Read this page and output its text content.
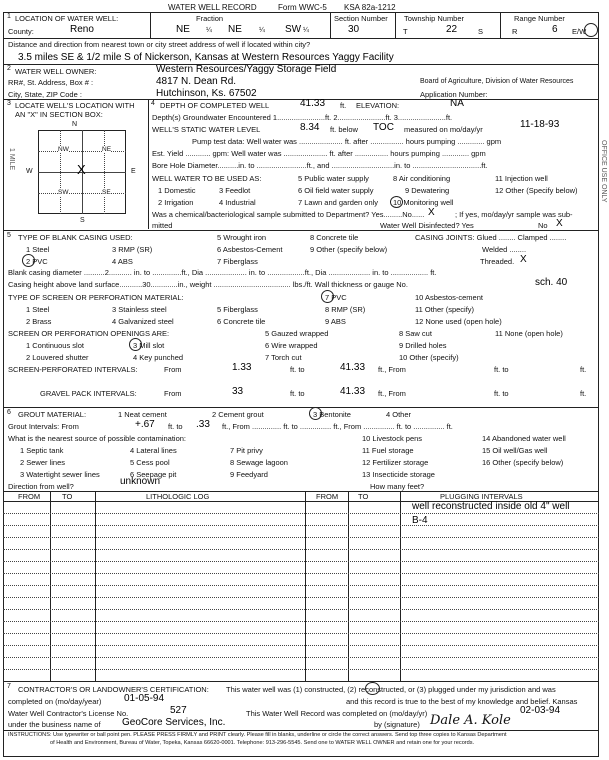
WATER WELL RECORD	Form WWC-5 KSA 82a-1212
1 LOCATION OF WATER WELL:
County:	Reno
Fraction
NE ¼ NE ¼ SW ¼
Section Number
30
Township Number
T	22	S
Range Number
R	6 E/W
Distance and direction from nearest town or city street address of well if located within city?
3.5 miles SE & 1/2 mile S of Nickerson, Kansas at Western Resources Yaggy Facility
2 WATER WELL OWNER:	Western Resources/Yaggy Storage Field
RR#, St. Address, Box # :	4817 N. Dean Rd.	Board of Agriculture, Division of Water Resources
City, State, ZIP Code :	Hutchinson, Ks. 67502	Application Number:
3 LOCATE WELL'S LOCATION WITH
AN "X" IN SECTION BOX:
N
NW	NE
SW	SE
W	E
S
X
1 MILE
4 DEPTH OF COMPLETED WELL	41.33 ft. ELEVATION:	NA
Depth(s) Groundwater Encountered 1.......................ft. 2.......................ft. 3.......................ft.
WELL'S STATIC WATER LEVEL	8.34 ft. below TOC measured on mo/day/yr	11-18-93
Pump test data: Well water was ..................... ft. after ................ hours pumping ............. gpm
Est. Yield ............ gpm: Well water was ..................... ft. after ................ hours pumping ............. gpm
Bore Hole Diameter..........in. to ........................ft., and ..............................in. to .................................ft.
WELL WATER TO BE USED AS:
1 Domestic	3 Feedlot
5 Public water supply	8 Air conditioning	11 Injection well
2 Irrigation	4 Industrial	7 Lawn and garden only
9 Dewatering	12 Other (Specify below)
6 Oil field water supply
10 Monitoring well
Was a chemical/bacteriological sample submitted to Department? Yes.........No...... X	; If yes, mo/day/yr sample was sub-
mitted	Water Well Disinfected? Yes	No X
5 TYPE OF BLANK CASING USED:
1 Steel	3 RMP (SR)
5 Wrought iron	8 Concrete tile
2 PVC	4 ABS
6 Asbestos-Cement	9 Other (specify below)
7 Fiberglass
CASING JOINTS: Glued ........ Clamped ........
Welded ........
Threaded. X
Blank casing diameter ..........2........... in. to ..............ft., Dia .................... in. to ..................ft., Dia .................... in. to .................. ft.
Casing height above land surface...........30.............in., weight ..................................... lbs./ft. Wall thickness or gauge No.	sch. 40
TYPE OF SCREEN OR PERFORATION MATERIAL:
1 Steel	3 Stainless steel	5 Fiberglass
7 PVC	10 Asbestos-cement
2 Brass	4 Galvanized steel	6 Concrete tile
8 RMP (SR)	11 Other (specify)
9 ABS	12 None used (open hole)
SCREEN OR PERFORATION OPENINGS ARE:
1 Continuous slot	3 Mill slot
5 Gauzed wrapped	8 Saw cut	11 None (open hole)
2 Louvered shutter	4 Key punched
6 Wire wrapped	9 Drilled holes
7 Torch cut	10 Other (specify)
SCREEN-PERFORATED INTERVALS:	From	1.33	ft. to	41.33 ft., From	ft. to	ft.
GRAVEL PACK INTERVALS:	From	33	ft. to	41.33 ft., From	ft. to	ft.
6 GROUT MATERIAL:	1 Neat cement	2 Cement grout	3 Bentonite	4 Other
Grout Intervals: From	+.67 ft. to .33 ft., From .............. ft. to ............... ft., From ............... ft. to ............... ft.
What is the nearest source of possible contamination:
1 Septic tank	4 Lateral lines	7 Pit privy
10 Livestock pens	14 Abandoned water well
2 Sewer lines	5 Cess pool	8 Sewage lagoon
11 Fuel storage	15 Oil well/Gas well
3 Watertight sewer lines	6 Seepage pit	9 Feedyard
12 Fertilizer storage	16 Other (specify below)
13 Insecticide storage
Direction from well?	unknown	How many feet?
FROM	TO	LITHOLOGIC LOG	FROM	TO	PLUGGING INTERVALS
well reconstructed inside old 4" well
B-4
7 CONTRACTOR'S OR LANDOWNER'S CERTIFICATION: This water well was (1) constructed, (2) reconstructed, or (3) plugged under my jurisdiction and was
completed on (mo/day/year) 01-05-94	and this record is true to the best of my knowledge and belief. Kansas
Water Well Contractor's License No.	527	This Water Well Record was completed on (mo/day/yr)	02-03-94
under the business name of GeoCore Services, Inc.	by (signature) Dale A. Kole
INSTRUCTIONS: Use typewriter or ball point pen. PLEASE PRESS FIRMLY and PRINT clearly. Please fill in blanks, underline or circle the correct answers. Send top three copies to Kansas Department
of Health and Environment, Bureau of Water, Topeka, Kansas 66620-0001. Telephone: 913-296-5545. Send one to WATER WELL OWNER and retain one for your records.
OFFICE USE ONLY
